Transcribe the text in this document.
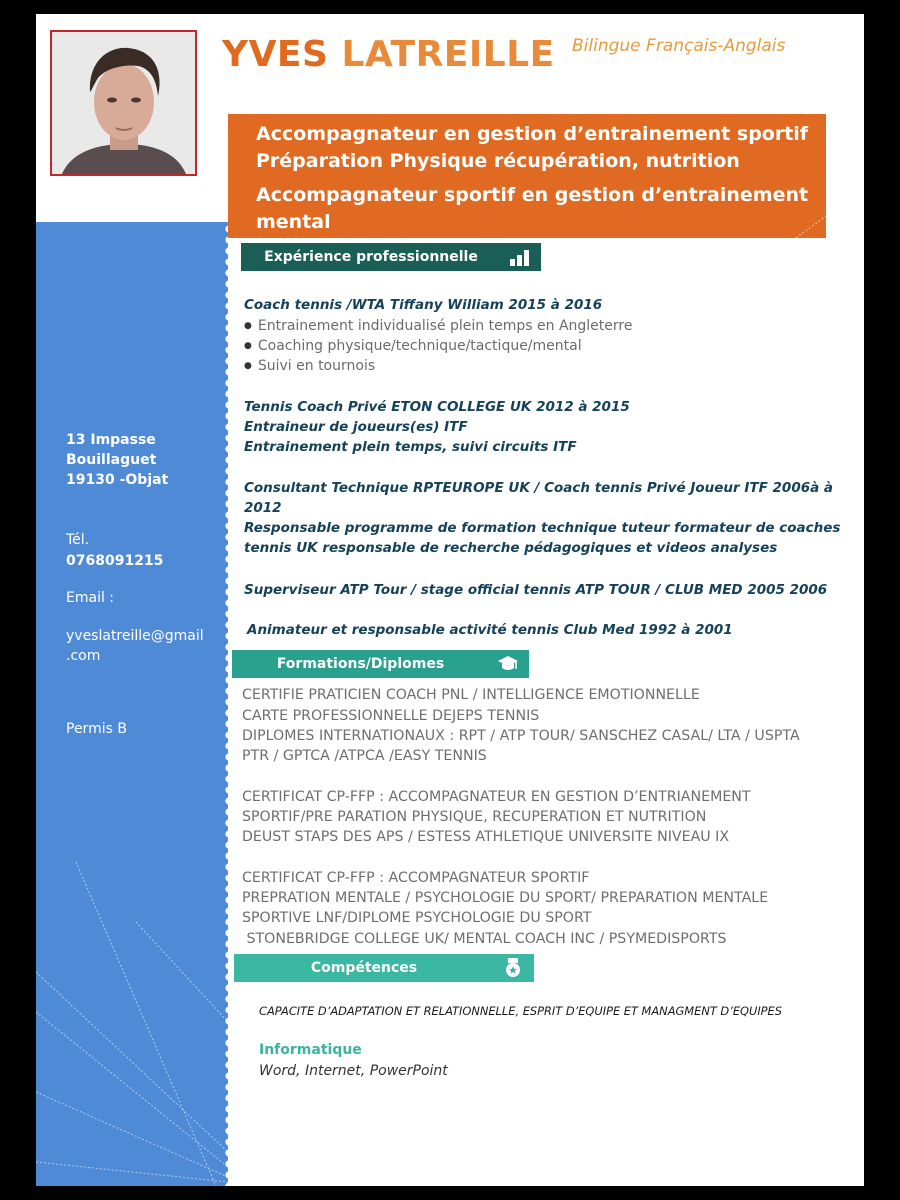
13 Impasse
Bouillaguet
19130 -Objat
Tél.
0768091215
Email :
yveslatreille@gmail
.com
Permis B
YVES LATREILLE Bilingue Français-Anglais
Accompagnateur en gestion d’entrainement sportif
Préparation Physique récupération, nutrition
Accompagnateur sportif en gestion d’entrainement
mental
Expérience professionnelle
Coach tennis /WTA Tiffany William 2015 à 2016
● Entrainement individualisé plein temps en Angleterre
● Coaching physique/technique/tactique/mental
● Suivi en tournois
Tennis Coach Privé ETON COLLEGE UK 2012 à 2015
Entraineur de joueurs(es) ITF
Entrainement plein temps, suivi circuits ITF
Consultant Technique RPTEUROPE UK / Coach tennis Privé Joueur ITF 2006à à
2012
Responsable programme de formation technique tuteur formateur de coaches
tennis UK responsable de recherche pédagogiques et videos analyses
Superviseur ATP Tour / stage official tennis ATP TOUR / CLUB MED 2005 2006
Animateur et responsable activité tennis Club Med 1992 à 2001
Formations/Diplomes
CERTIFIE PRATICIEN COACH PNL / INTELLIGENCE EMOTIONNELLE
CARTE PROFESSIONNELLE DEJEPS TENNIS
DIPLOMES INTERNATIONAUX : RPT / ATP TOUR/ SANSCHEZ CASAL/ LTA / USPTA
PTR / GPTCA /ATPCA /EASY TENNIS
CERTIFICAT CP-FFP : ACCOMPAGNATEUR EN GESTION D’ENTRIANEMENT
SPORTIF/PRE PARATION PHYSIQUE, RECUPERATION ET NUTRITION
DEUST STAPS DES APS / ESTESS ATHLETIQUE UNIVERSITE NIVEAU IX
CERTIFICAT CP-FFP : ACCOMPAGNATEUR SPORTIF
PREPRATION MENTALE / PSYCHOLOGIE DU SPORT/ PREPARATION MENTALE
SPORTIVE LNF/DIPLOME PSYCHOLOGIE DU SPORT
STONEBRIDGE COLLEGE UK/ MENTAL COACH INC / PSYMEDISPORTS
Compétences
CAPACITE D’ADAPTATION ET RELATIONNELLE, ESPRIT D’EQUIPE ET MANAGMENT D’EQUIPES
Informatique
Word, Internet, PowerPoint
